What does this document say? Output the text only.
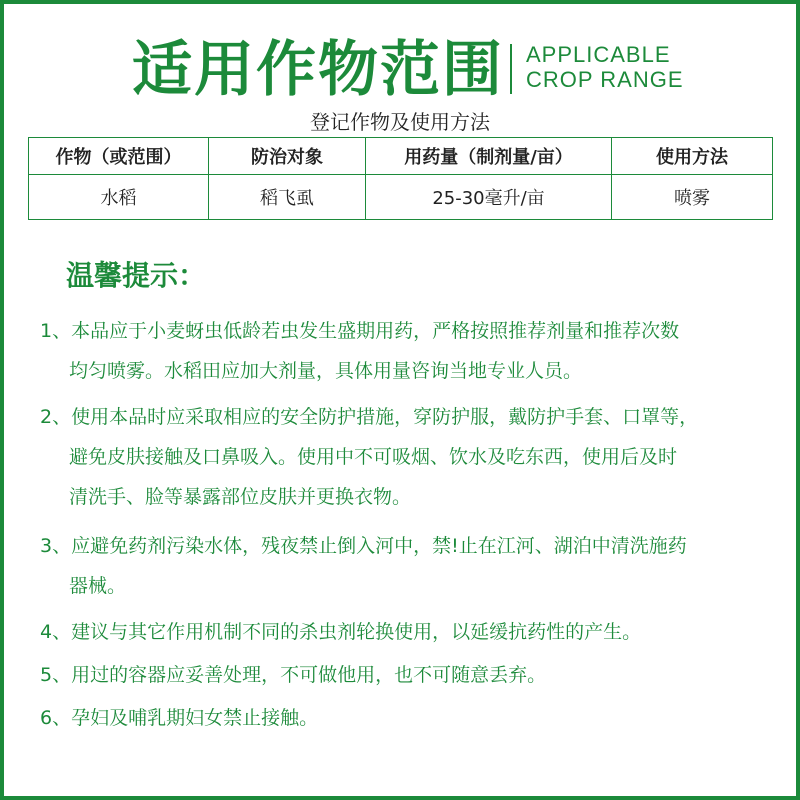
适用作物范围 APPLICABLE
CROP RANGE
登记作物及使用方法
作物（或范围）	防治对象	用药量（制剂量/亩）	使用方法
水稻	稻飞虱	25-30毫升/亩	喷雾
温馨提示：
1、本品应于小麦蚜虫低龄若虫发生盛期用药，严格按照推荐剂量和推荐次数
均匀喷雾。水稻田应加大剂量，具体用量咨询当地专业人员。
2、使用本品时应采取相应的安全防护措施，穿防护服，戴防护手套、口罩等，
避免皮肤接触及口鼻吸入。使用中不可吸烟、饮水及吃东西，使用后及时
清洗手、脸等暴露部位皮肤并更换衣物。
3、应避免药剂污染水体，残夜禁止倒入河中，禁!止在江河、湖泊中清洗施药
器械。
4、建议与其它作用机制不同的杀虫剂轮换使用，以延缓抗药性的产生。
5、用过的容器应妥善处理，不可做他用，也不可随意丢弃。
6、孕妇及哺乳期妇女禁止接触。
